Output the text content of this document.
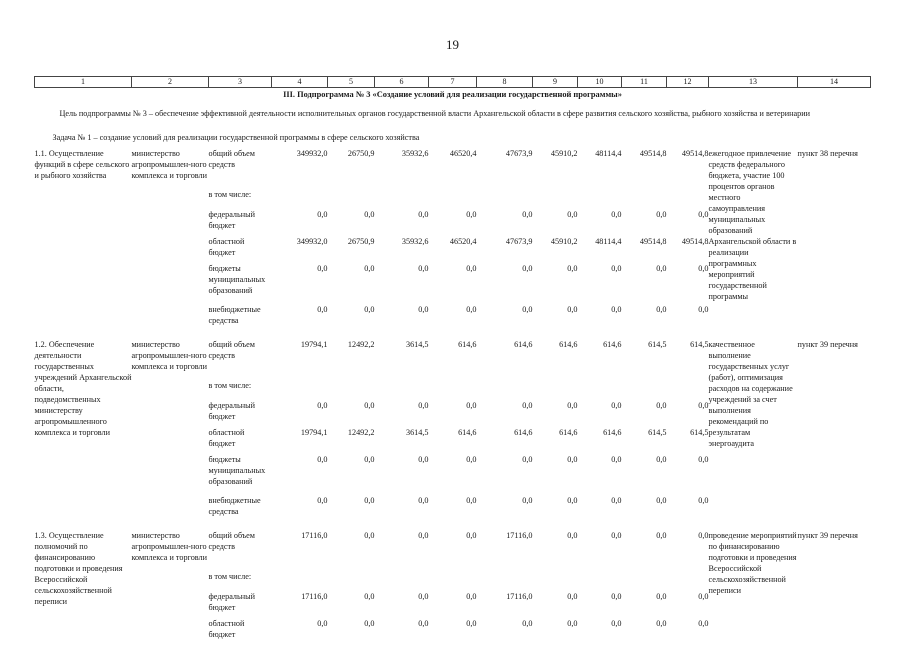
19
1	2	3	4	5	6	7	8	9	10	11	12	13	14
III. Подпрограмма № 3 «Создание условий для реализации государственной программы»													
Цель подпрограммы № 3 – обеспечение эффективной деятельности исполнительных органов государственной власти Архангельской области в сфере развития сельского хозяйства, рыбного хозяйства и ветеринарии													
Задача № 1 – создание условий для реализации государственной программы в сфере сельского хозяйства													
1.1. Осуществление функций в сфере сельского и рыбного хозяйства	министерство агропромышлен-ного комплекса и торговли	общий объем средств	349932,0	26750,9	35932,6	46520,4	47673,9	45910,2	48114,4	49514,8	49514,8	ежегодное привлечение средств федерального бюджета, участие 100 процентов органов местного самоуправления муниципальных образований Архангельской области в реализации программных мероприятий государственной программы	пункт 38 перечня
		в том числе:											
		федеральный бюджет	0,0	0,0	0,0	0,0	0,0	0,0	0,0	0,0	0,0		
		областной бюджет	349932,0	26750,9	35932,6	46520,4	47673,9	45910,2	48114,4	49514,8	49514,8		
		бюджеты муниципальных образований	0,0	0,0	0,0	0,0	0,0	0,0	0,0	0,0	0,0		
		внебюджетные средства	0,0	0,0	0,0	0,0	0,0	0,0	0,0	0,0	0,0		

1.2. Обеспечение деятельности государственных учреждений Архангельской области, подведомственных министерству агропромышленного комплекса и торговли	министерство агропромышлен-ного комплекса и торговли	общий объем средств	19794,1	12492,2	3614,5	614,6	614,6	614,6	614,6	614,5	614,5	качественное выполнение государственных услуг (работ), оптимизация расходов на содержание учреждений за счет выполнения рекомендаций по результатам энергоаудита	пункт 39 перечня
		в том числе:											
		федеральный бюджет	0,0	0,0	0,0	0,0	0,0	0,0	0,0	0,0	0,0		
		областной бюджет	19794,1	12492,2	3614,5	614,6	614,6	614,6	614,6	614,5	614,5		
		бюджеты муниципальных образований	0,0	0,0	0,0	0,0	0,0	0,0	0,0	0,0	0,0		
		внебюджетные средства	0,0	0,0	0,0	0,0	0,0	0,0	0,0	0,0	0,0		

1.3. Осуществление полномочий по финансированию подготовки и проведения Всероссийской сельскохозяйственной переписи	министерство агропромышлен-ного комплекса и торговли	общий объем средств	17116,0	0,0	0,0	0,0	17116,0	0,0	0,0	0,0	0,0	проведение мероприятий по финансированию подготовки и проведения Всероссийской сельскохозяйственной переписи	пункт 39 перечня
		в том числе:											
		федеральный бюджет	17116,0	0,0	0,0	0,0	17116,0	0,0	0,0	0,0	0,0		
		областной бюджет	0,0	0,0	0,0	0,0	0,0	0,0	0,0	0,0	0,0		
